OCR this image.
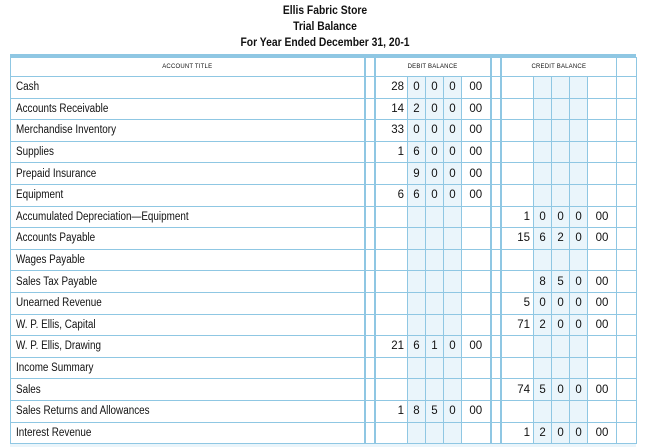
Ellis Fabric Store
Trial Balance
For Year Ended December 31, 20-1
ACCOUNT TITLE		DEBIT BALANCE						CREDIT BALANCE					
Cash		28	0	0	0	00							
Accounts Receivable		14	2	0	0	00							
Merchandise Inventory		33	0	0	0	00							
Supplies		1	6	0	0	00							
Prepaid Insurance			9	0	0	00							
Equipment		6	6	0	0	00							
Accumulated Depreciation—Equipment								1	0	0	0	00	
Accounts Payable								15	6	2	0	00	
Wages Payable													
Sales Tax Payable									8	5	0	00	
Unearned Revenue								5	0	0	0	00	
W. P. Ellis, Capital								71	2	0	0	00	
W. P. Ellis, Drawing		21	6	1	0	00							
Income Summary													
Sales								74	5	0	0	00	
Sales Returns and Allowances		1	8	5	0	00							
Interest Revenue								1	2	0	0	00	
